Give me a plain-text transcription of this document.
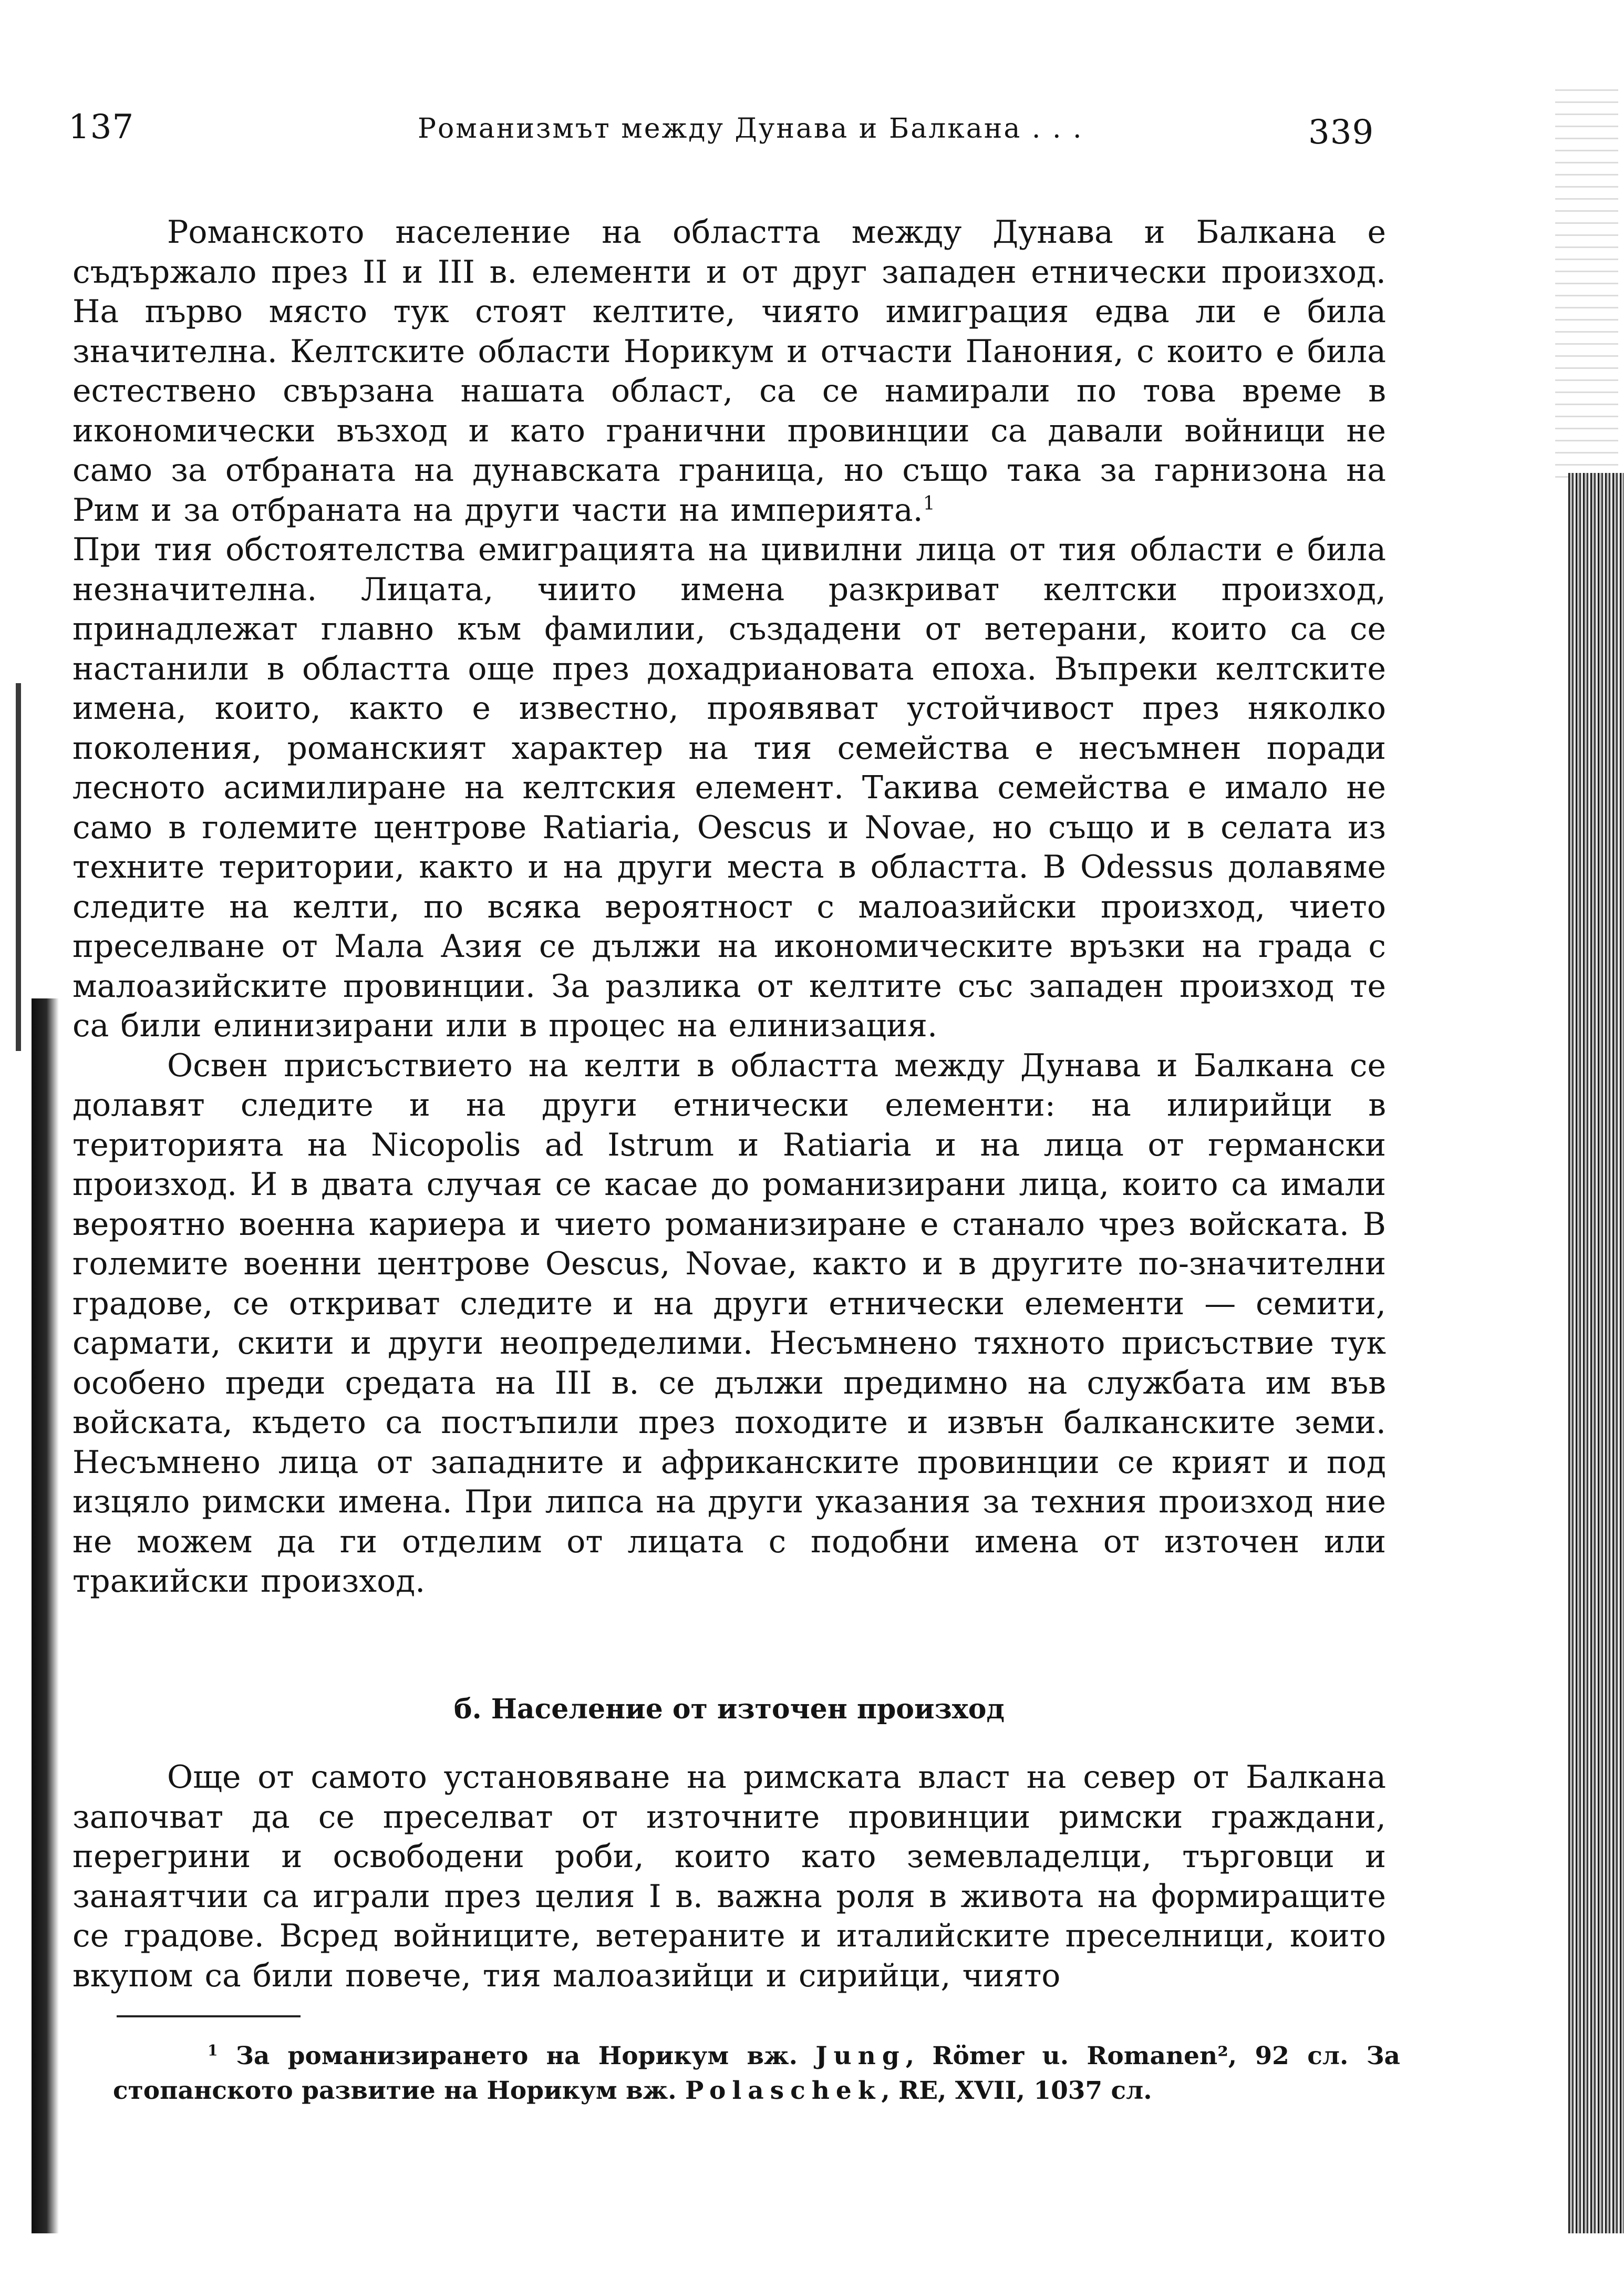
137	Романизмът между Дунава и Балкана . . .	339

Романското население на областта между Дунава и Балкана е съдържало през II и III в. елементи и от друг западен етнически произход. На първо място тук стоят келтите, чиято имиграция едва ли е била значителна. Келтските области Норикум и отчасти Панония, с които е била естествено свързана нашата област, са се намирали по това време в икономически възход и като гранични провинции са давали войници не само за отбраната на дунавската граница, но също така за гарнизона на Рим и за отбраната на други части на империята.$^1$

При тия обстоятелства емиграцията на цивилни лица от тия области е била незначителна. Лицата, чиито имена разкриват келтски произход, принадлежат главно към фамилии, създадени от ветерани, които са се настанили в областта още през дохадриановата епоха. Въпреки келтските имена, които, както е известно, проявяват устойчивост през няколко поколения, романският характер на тия семейства е несъмнен поради лесното асимилиране на келтския елемент. Такива семейства е имало не само в големите центрове Ratiaria, Oescus и Novae, но също и в селата из техните територии, както и на други места в областта. В Odessus долавяме следите на келти, по всяка вероятност с малоазийски произход, чието преселване от Мала Азия се дължи на икономическите връзки на града с малоазийските провинции. За разлика от келтите със западен произход те са били елинизирани или в процес на елинизация.

Освен присъствието на келти в областта между Дунава и Балкана се долавят следите и на други етнически елементи: на илирийци в територията на Nicopolis ad Istrum и Ratiaria и на лица от германски произход. И в двата случая се касае до романизирани лица, които са имали вероятно военна кариера и чието романизиране е станало чрез войската. В големите военни центрове Oescus, Novae, както и в другите по-значителни градове, се откриват следите и на други етнически елементи — семити, сармати, скити и други неопределими. Несъмнено тяхното присъствие тук особено преди средата на III в. се дължи предимно на службата им във войската, където са постъпили през походите и извън балканските земи. Несъмнено лица от западните и африканските провинции се крият и под изцяло римски имена. При липса на други указания за техния произход ние не можем да ги отделим от лицата с подобни имена от източен или тракийски произход.

б. Население от източен произход

Още от самото установяване на римската власт на север от Балкана започват да се преселват от източните провинции римски граждани, перегрини и освободени роби, които като земевладелци, търговци и занаятчии са играли през целия I в. важна роля в живота на формиращите се градове. Всред войниците, ветераните и италийските преселници, които вкупом са били повече, тия малоазийци и сирийци, чиято

$^1$ За романизирането на Норикум вж. Jung, Römer u. Romanen², 92 сл. За стопанското развитие на Норикум вж. Polaschek, RE, XVII, 1037 сл.
